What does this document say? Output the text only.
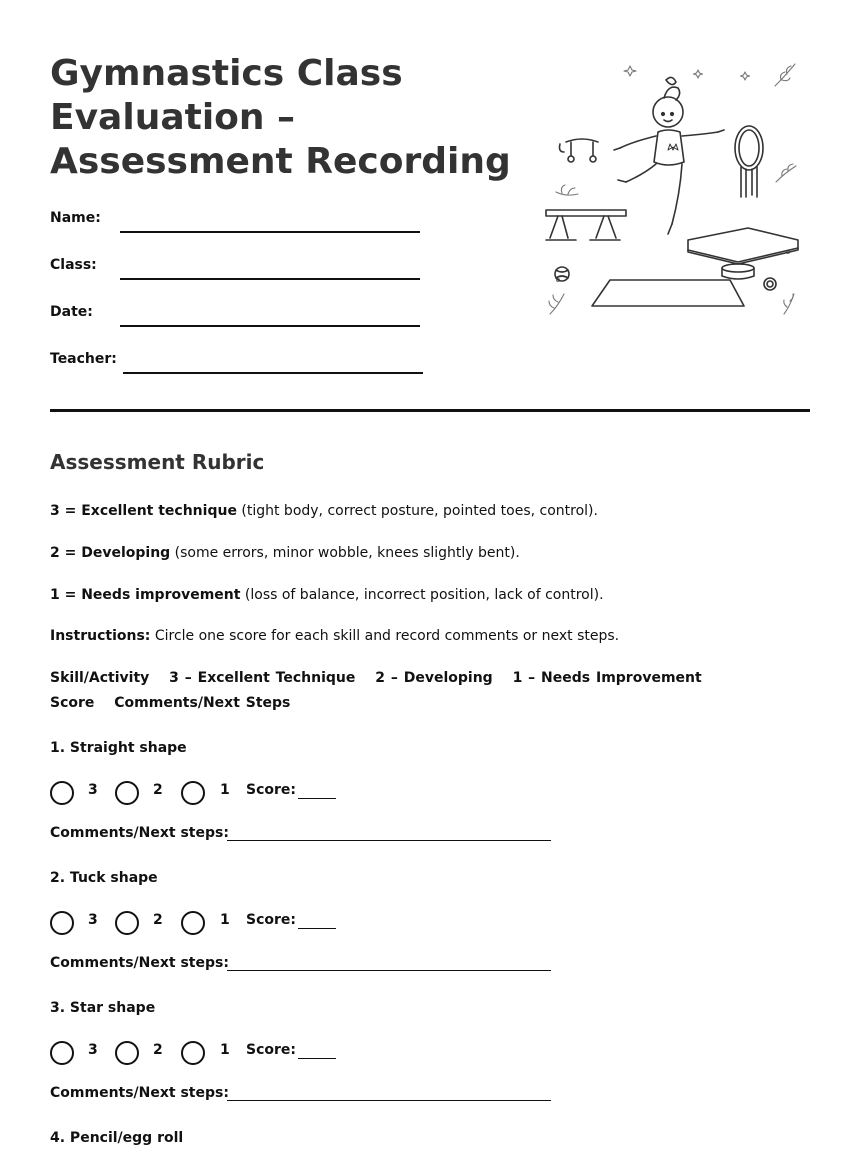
Gymnastics Class Evaluation – Assessment Recording
Name:
Class:
Date:
Teacher:
Assessment Rubric
3 = Excellent technique (tight body, correct posture, pointed toes, control).
2 = Developing (some errors, minor wobble, knees slightly bent).
1 = Needs improvement (loss of balance, incorrect position, lack of control).
Instructions: Circle one score for each skill and record comments or next steps.
Skill/Activity 3 – Excellent Technique 2 – Developing 1 – Needs Improvement Score Comments/Next Steps
1. Straight shape
3	2	1 Score:
Comments/Next steps:
2. Tuck shape
3	2	1 Score:
Comments/Next steps:
3. Star shape
3	2	1 Score:
Comments/Next steps:
4. Pencil/egg roll
